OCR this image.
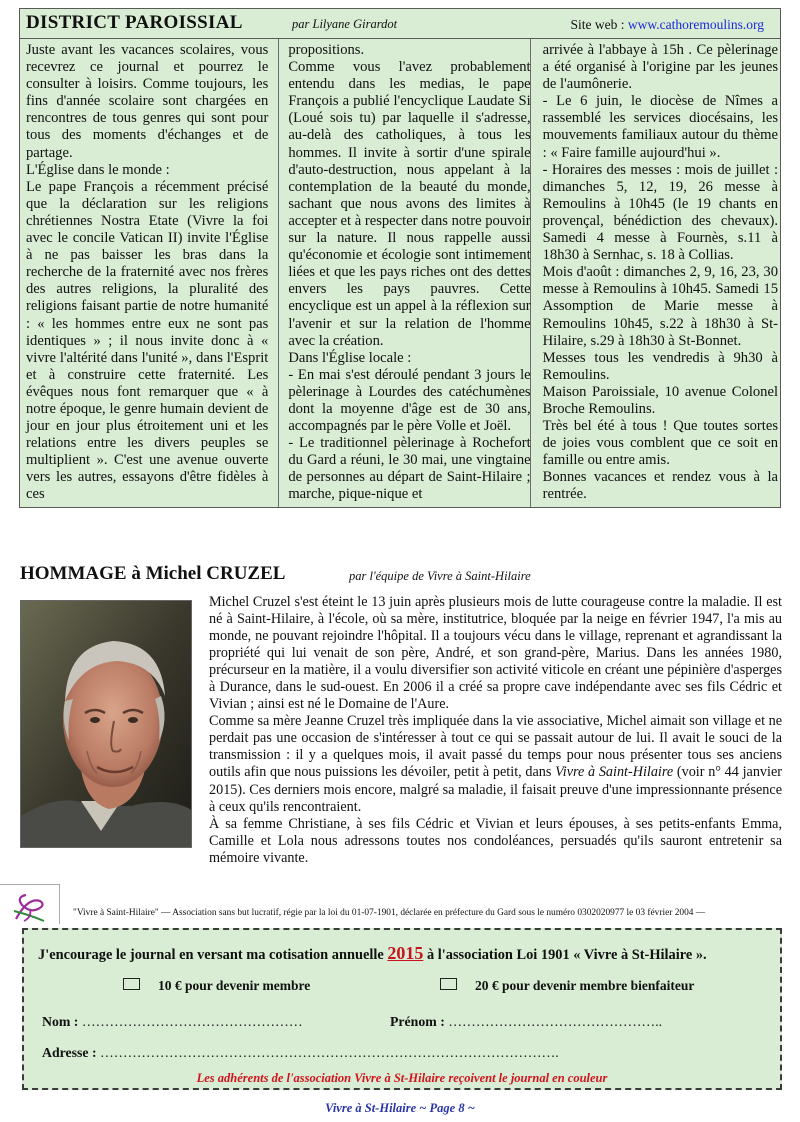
DISTRICT PAROISSIAL	par Lilyane Girardot	Site web : www.cathoremoulins.org

Juste avant les vacances scolaires, vous recevrez ce journal et pourrez le consulter à loisirs. Comme toujours, les fins d'année scolaire sont chargées en rencontres de tous genres qui sont pour tous des moments d'échanges et de partage.

L'Église dans le monde :

Le pape François a récemment précisé que la déclaration sur les religions chrétiennes Nostra Etate (Vivre la foi avec le concile Vatican II) invite l'Église à ne pas baisser les bras dans la recherche de la fraternité avec nos frères des autres religions, la pluralité des religions faisant partie de notre humanité : « les hommes entre eux ne sont pas identiques » ; il nous invite donc à « vivre l'altérité dans l'unité », dans l'Esprit et à construire cette fraternité. Les évêques nous font remarquer que « à notre époque, le genre humain devient de jour en jour plus étroitement uni et les relations entre les divers peuples se multiplient ». C'est une avenue ouverte vers les autres, essayons d'être fidèles à ces

propositions.

Comme vous l'avez probablement entendu dans les medias, le pape François a publié l'encyclique Laudate Si (Loué sois tu) par laquelle il s'adresse, au-delà des catholiques, à tous les hommes. Il invite à sortir d'une spirale d'auto-destruction, nous appelant à la contemplation de la beauté du monde, sachant que nous avons des limites à accepter et à respecter dans notre pouvoir sur la nature. Il nous rappelle aussi qu'économie et écologie sont intimement liées et que les pays riches ont des dettes envers les pays pauvres. Cette encyclique est un appel à la réflexion sur l'avenir et sur la relation de l'homme avec la création.

Dans l'Église locale :

- En mai s'est déroulé pendant 3 jours le pèlerinage à Lourdes des catéchumènes dont la moyenne d'âge est de 30 ans, accompagnés par le père Volle et Joël.

- Le traditionnel pèlerinage à Rochefort du Gard a réuni, le 30 mai, une vingtaine de personnes au départ de Saint-Hilaire ; marche, pique-nique et

arrivée à l'abbaye à 15h . Ce pèlerinage a été organisé à l'origine par les jeunes de l'aumônerie.

- Le 6 juin, le diocèse de Nîmes a rassemblé les services diocésains, les mouvements familiaux autour du thème : « Faire famille aujourd'hui ».

- Horaires des messes : mois de juillet : dimanches 5, 12, 19, 26 messe à Remoulins à 10h45 (le 19 chants en provençal, bénédiction des chevaux). Samedi 4 messe à Fournès, s.11 à 18h30 à Sernhac, s. 18 à Collias.

Mois d'août : dimanches 2, 9, 16, 23, 30 messe à Remoulins à 10h45. Samedi 15 Assomption de Marie messe à Remoulins 10h45, s.22 à 18h30 à St- Hilaire, s.29 à 18h30 à St-Bonnet.

Messes tous les vendredis à 9h30 à Remoulins.

Maison Paroissiale, 10 avenue Colonel Broche Remoulins.

Très bel été à tous ! Que toutes sortes de joies vous comblent que ce soit en famille ou entre amis.

Bonnes vacances et rendez vous à la rentrée.

HOMMAGE à Michel CRUZEL	par l'équipe de Vivre à Saint-Hilaire

Michel Cruzel s'est éteint le 13 juin après plusieurs mois de lutte courageuse contre la maladie. Il est né à Saint-Hilaire, à l'école, où sa mère, institutrice, bloquée par la neige en février 1947, l'a mis au monde, ne pouvant rejoindre l'hôpital. Il a toujours vécu dans le village, reprenant et agrandissant la propriété qui lui venait de son père, André, et son grand-père, Marius. Dans les années 1980, précurseur en la matière, il a voulu diversifier son activité viticole en créant une pépinière d'asperges à Durance, dans le sud-ouest. En 2006 il a créé sa propre cave indépendante avec ses fils Cédric et Vivian ; ainsi est né le Domaine de l'Aure.

Comme sa mère Jeanne Cruzel très impliquée dans la vie associative, Michel aimait son village et ne perdait pas une occasion de s'intéresser à tout ce qui se passait autour de lui. Il avait le souci de la transmission : il y a quelques mois, il avait passé du temps pour nous présenter tous ses anciens outils afin que nous puissions les dévoiler, petit à petit, dans Vivre à Saint-Hilaire (voir n° 44 janvier 2015). Ces derniers mois encore, malgré sa maladie, il faisait preuve d'une impressionnante présence à ceux qu'ils rencontraient.

À sa femme Christiane, à ses fils Cédric et Vivian et leurs épouses, à ses petits-enfants Emma, Camille et Lola nous adressons toutes nos condoléances, persuadés qu'ils sauront entretenir sa mémoire vivante.

"Vivre à Saint-Hilaire" — Association sans but lucratif, régie par la loi du 01-07-1901, déclarée en préfecture du Gard sous le numéro 0302020977 le 03 février 2004 —
J'encourage le journal en versant ma cotisation annuelle 2015 à l'association Loi 1901 « Vivre à St-Hilaire ».
10 € pour devenir membre	20 € pour devenir membre bienfaiteur
Nom : …………………………………………	Prénom : ………………………………………..
Adresse : ……………………………………………………………………………………….
Les adhérents de l'association Vivre à St-Hilaire reçoivent le journal en couleur
Vivre à St-Hilaire ~ Page 8 ~
